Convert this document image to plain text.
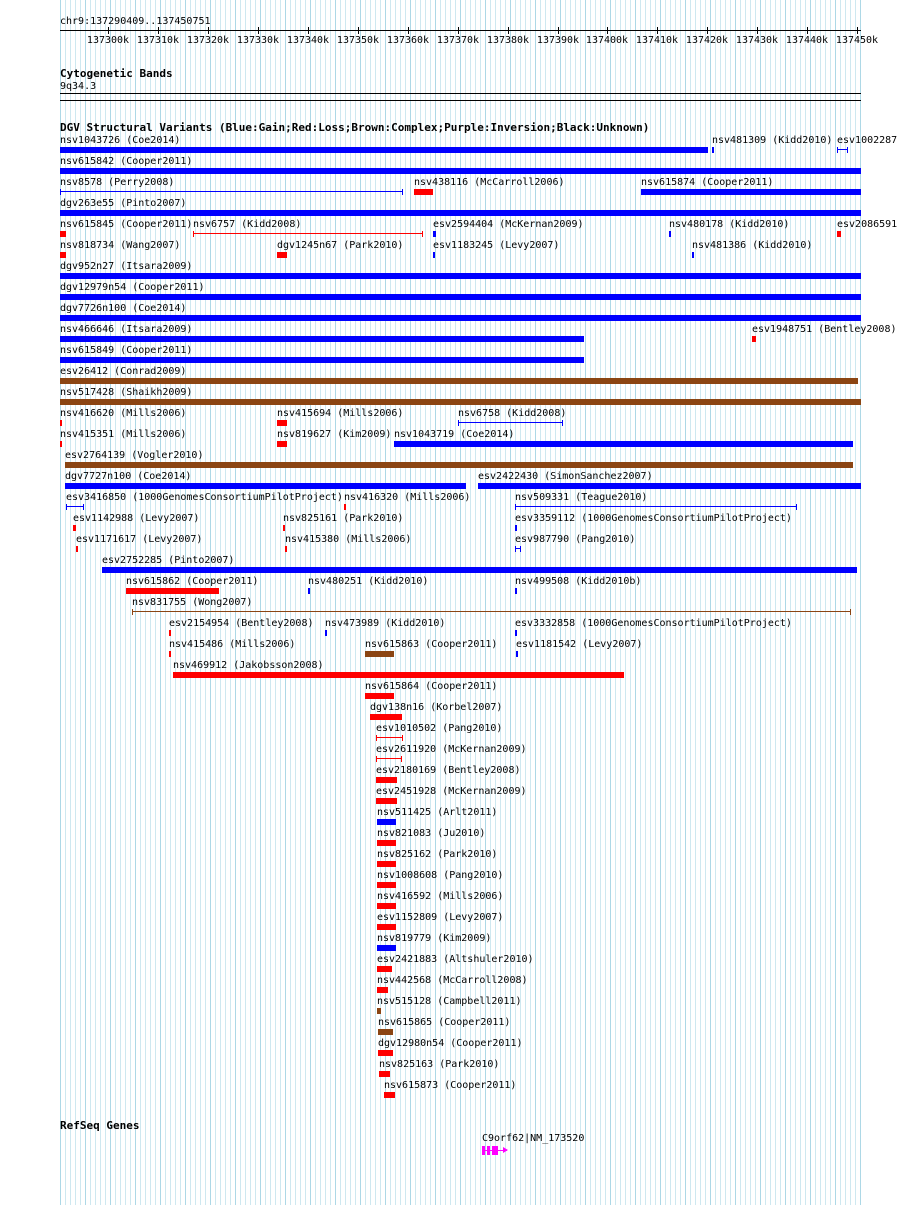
chr9:137290409..137450751
137300k 137310k 137320k 137330k 137340k 137350k 137360k 137370k 137380k 137390k 137400k 137410k 137420k 137430k 137440k 137450k
Cytogenetic Bands
9q34.3
DGV Structural Variants (Blue:Gain;Red:Loss;Brown:Complex;Purple:Inversion;Black:Unknown)
nsv1043726 (Coe2014)	nsv481309 (Kidd2010) esv1002287
nsv615842 (Cooper2011)
nsv8578 (Perry2008)	nsv438116 (McCarroll2006)	nsv615874 (Cooper2011)
dgv263e55 (Pinto2007)
nsv615845 (Cooper2011) nsv6757 (Kidd2008)	esv2594404 (McKernan2009)	nsv480178 (Kidd2010)	esv2086591
nsv818734 (Wang2007)	dgv1245n67 (Park2010)	esv1183245 (Levy2007)	nsv481386 (Kidd2010)
dgv952n27 (Itsara2009)
dgv12979n54 (Cooper2011)
dgv7726n100 (Coe2014)
nsv466646 (Itsara2009)	esv1948751 (Bentley2008)
nsv615849 (Cooper2011)
esv26412 (Conrad2009)
nsv517428 (Shaikh2009)
nsv416620 (Mills2006)	nsv415694 (Mills2006)	nsv6758 (Kidd2008)
nsv415351 (Mills2006)	nsv819627 (Kim2009) nsv1043719 (Coe2014)
esv2764139 (Vogler2010)
dgv7727n100 (Coe2014)	esv2422430 (SimonSanchez2007)
esv3416850 (1000GenomesConsortiumPilotProject) nsv416320 (Mills2006)	nsv509331 (Teague2010)
esv1142988 (Levy2007)	nsv825161 (Park2010)	esv3359112 (1000GenomesConsortiumPilotProject)
esv1171617 (Levy2007)	nsv415380 (Mills2006)	esv987790 (Pang2010)
esv2752285 (Pinto2007)
nsv615862 (Cooper2011)	nsv480251 (Kidd2010)	nsv499508 (Kidd2010b)
nsv831755 (Wong2007)
esv2154954 (Bentley2008) nsv473989 (Kidd2010)	esv3332858 (1000GenomesConsortiumPilotProject)
nsv415486 (Mills2006)	nsv615863 (Cooper2011) esv1181542 (Levy2007)
nsv469912 (Jakobsson2008)
nsv615864 (Cooper2011)
dgv138n16 (Korbel2007)
esv1010502 (Pang2010)
esv2611920 (McKernan2009)
esv2180169 (Bentley2008)
esv2451928 (McKernan2009)
nsv511425 (Arlt2011)
nsv821083 (Ju2010)
nsv825162 (Park2010)
nsv1008608 (Pang2010)
nsv416592 (Mills2006)
esv1152809 (Levy2007)
nsv819779 (Kim2009)
esv2421883 (Altshuler2010)
nsv442568 (McCarroll2008)
nsv515128 (Campbell2011)
nsv615865 (Cooper2011)
dgv12980n54 (Cooper2011)
nsv825163 (Park2010)
nsv615873 (Cooper2011)
RefSeq Genes
C9orf62|NM_173520
